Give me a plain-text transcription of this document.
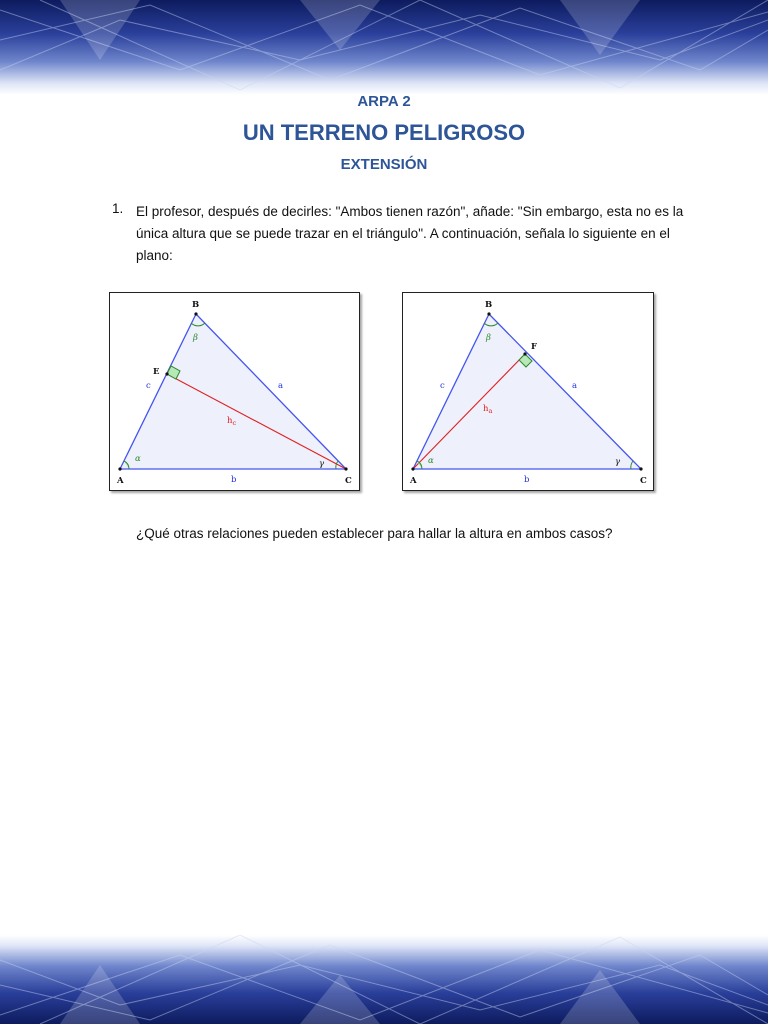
ARPA 2
UN TERRENO PELIGROSO
EXTENSIÓN
1. El profesor, después de decirles: "Ambos tienen razón", añade: "Sin embargo, esta no es la única altura que se puede trazar en el triángulo". A continuación, señala lo siguiente en el plano:

A
B
C
E
c	a
b
α
β
γ
$h_c$
A
B
C
F
c	a
b
α
β
γ
$h_a$

¿Qué otras relaciones pueden establecer para hallar la altura en ambos casos?
